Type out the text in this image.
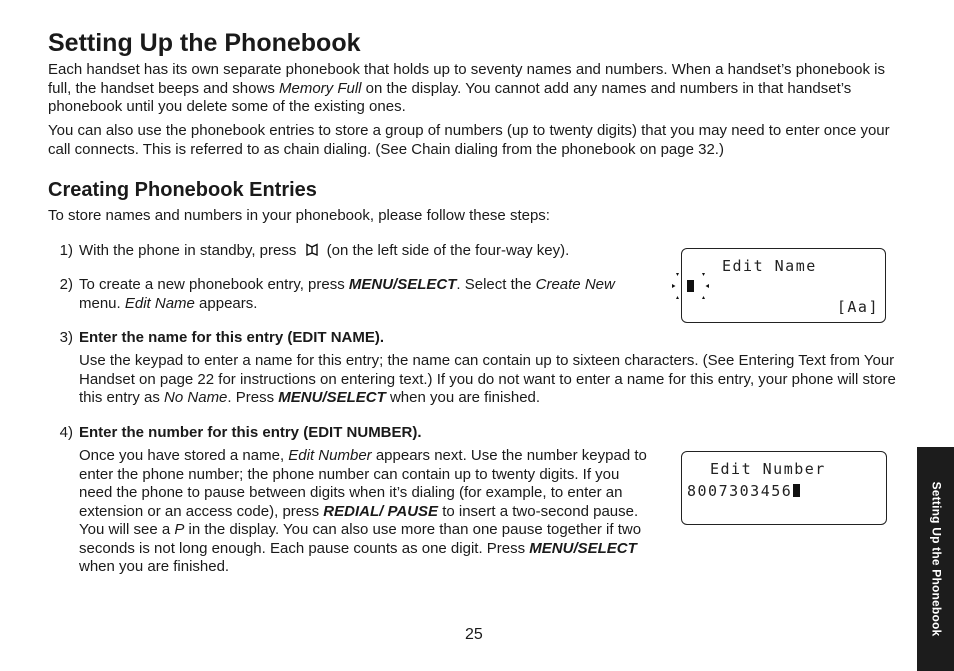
Setting Up the Phonebook

Each handset has its own separate phonebook that holds up to seventy names and numbers. When a handset’s phonebook is full, the handset beeps and shows Memory Full on the display. You cannot add any names and numbers in that handset’s phonebook until you delete some of the existing ones.

You can also use the phonebook entries to store a group of numbers (up to twenty digits) that you may need to enter once your call connects. This is referred to as chain dialing. (See Chain dialing from the phonebook on page 32.)

Creating Phonebook Entries

To store names and numbers in your phonebook, please follow these steps:

1) With the phone in standby, press  (on the left side of the four-way key).

2) To create a new phonebook entry, press MENU/SELECT. Select the Create New menu. Edit Name appears.

Edit Name
[Aa]
3) Enter the name for this entry (EDIT NAME).

Use the keypad to enter a name for this entry; the name can contain up to sixteen characters. (See Entering Text from Your Handset on page 22 for instructions on entering text.) If you do not want to enter a name for this entry, your phone will store this entry as No Name. Press MENU/SELECT when you are finished.

4) Enter the number for this entry (EDIT NUMBER).

Once you have stored a name, Edit Number appears next. Use the number keypad to enter the phone number; the phone number can contain up to twenty digits. If you need the phone to pause between digits when it’s dialing (for example, to enter an extension or an access code), press REDIAL/ PAUSE to insert a two-second pause. You will see a P in the display. You can also use more than one pause together if two seconds is not long enough. Each pause counts as one digit. Press MENU/SELECT when you are finished.

Edit Number
8007303456
25	Setting Up the Phonebook
